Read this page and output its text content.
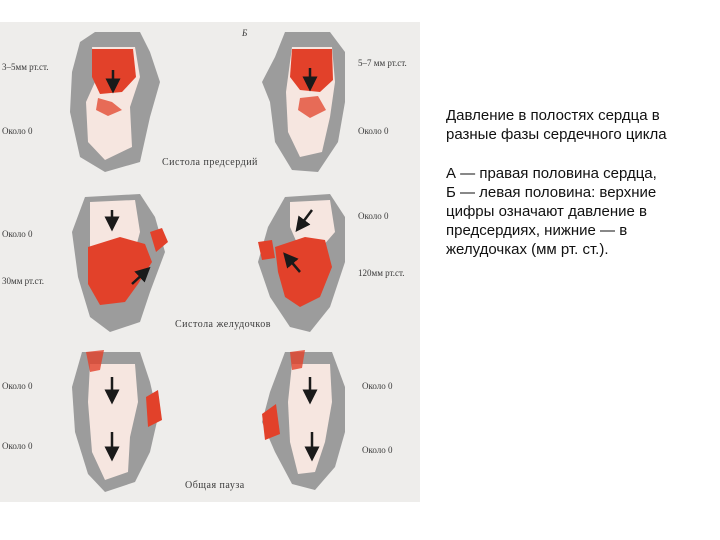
Б
3–5мм рт.ст.
Около 0
5–7 мм рт.ст.
Около 0
Систола предсердий
Около 0
30мм рт.ст.
Около 0
120мм рт.ст.
Систола желудочков
Около 0
Около 0
Около 0
Около 0
Общая пауза

Давление в полостях сердца в разные фазы сердечного цикла

А — правая половина сердца,

Б — левая половина: верхние цифры означают давление в предсердиях, нижние — в желудочках (мм рт. ст.).
